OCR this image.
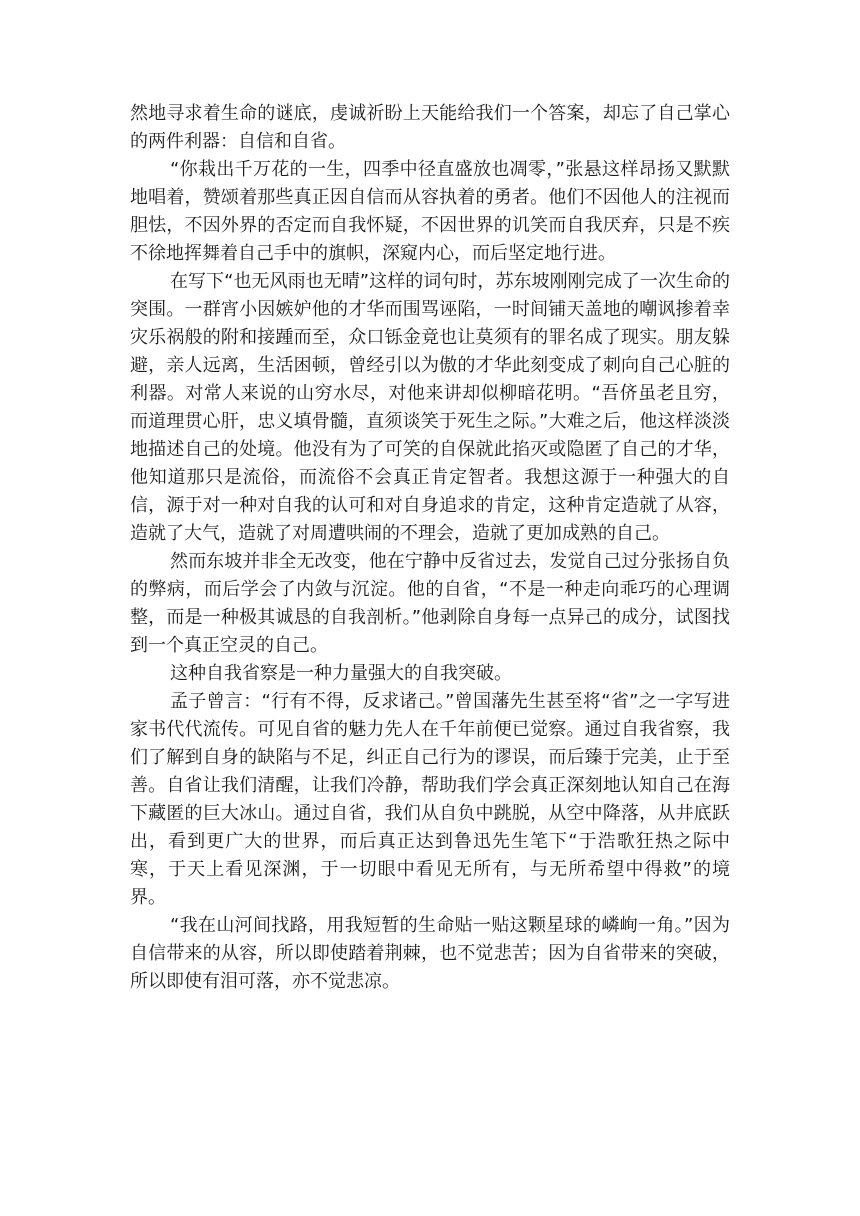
然地寻求着生命的谜底，虔诚祈盼上天能给我们一个答案，却忘了自己掌心的两件利器：自信和自省。

“你栽出千万花的一生，四季中径直盛放也凋零，”张悬这样昂扬又默默地唱着，赞颂着那些真正因自信而从容执着的勇者。他们不因他人的注视而胆怯，不因外界的否定而自我怀疑，不因世界的讥笑而自我厌弃，只是不疾不徐地挥舞着自己手中的旗帜，深窥内心，而后坚定地行进。

在写下“也无风雨也无晴”这样的词句时，苏东坡刚刚完成了一次生命的突围。一群宵小因嫉妒他的才华而围骂诬陷，一时间铺天盖地的嘲讽掺着幸灾乐祸般的附和接踵而至，众口铄金竟也让莫须有的罪名成了现实。朋友躲避，亲人远离，生活困顿，曾经引以为傲的才华此刻变成了刺向自己心脏的利器。对常人来说的山穷水尽，对他来讲却似柳暗花明。“吾侪虽老且穷，而道理贯心肝，忠义填骨髓，直须谈笑于死生之际。”大难之后，他这样淡淡地描述自己的处境。他没有为了可笑的自保就此掐灭或隐匿了自己的才华，他知道那只是流俗，而流俗不会真正肯定智者。我想这源于一种强大的自信，源于对一种对自我的认可和对自身追求的肯定，这种肯定造就了从容，造就了大气，造就了对周遭哄闹的不理会，造就了更加成熟的自己。

然而东坡并非全无改变，他在宁静中反省过去，发觉自己过分张扬自负的弊病，而后学会了内敛与沉淀。他的自省，“不是一种走向乖巧的心理调整，而是一种极其诚恳的自我剖析。”他剥除自身每一点异己的成分，试图找到一个真正空灵的自己。

这种自我省察是一种力量强大的自我突破。

孟子曾言：“行有不得，反求诸己。”曾国藩先生甚至将“省”之一字写进家书代代流传。可见自省的魅力先人在千年前便已觉察。通过自我省察，我们了解到自身的缺陷与不足，纠正自己行为的谬误，而后臻于完美，止于至善。自省让我们清醒，让我们冷静，帮助我们学会真正深刻地认知自己在海下藏匿的巨大冰山。通过自省，我们从自负中跳脱，从空中降落，从井底跃出，看到更广大的世界，而后真正达到鲁迅先生笔下“于浩歌狂热之际中寒，于天上看见深渊，于一切眼中看见无所有，与无所希望中得救”的境界。

“我在山河间找路，用我短暂的生命贴一贴这颗星球的嶙峋一角。”因为自信带来的从容，所以即使踏着荆棘，也不觉悲苦；因为自省带来的突破，所以即使有泪可落，亦不觉悲凉。
